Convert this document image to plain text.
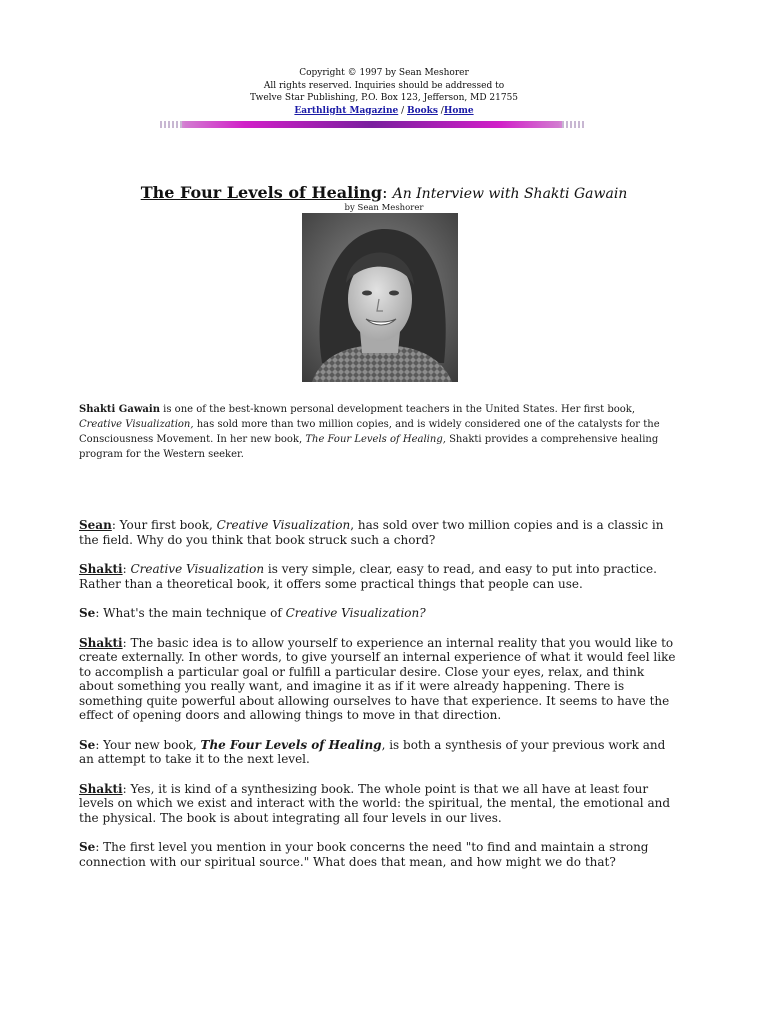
Copyright © 1997 by Sean Meshorer
All rights reserved. Inquiries should be addressed to
Twelve Star Publishing, P.O. Box 123, Jefferson, MD 21755
Earthlight Magazine / Books /Home
The Four Levels of Healing: An Interview with Shakti Gawain
by Sean Meshorer
Shakti Gawain is one of the best-known personal development teachers in the United States. Her first book, Creative Visualization, has sold more than two million copies, and is widely considered one of the catalysts for the Consciousness Movement. In her new book, The Four Levels of Healing, Shakti provides a comprehensive healing program for the Western seeker.

Sean: Your first book, Creative Visualization, has sold over two million copies and is a classic in the field. Why do you think that book struck such a chord?

Shakti: Creative Visualization is very simple, clear, easy to read, and easy to put into practice. Rather than a theoretical book, it offers some practical things that people can use.

Se: What's the main technique of Creative Visualization?

Shakti: The basic idea is to allow yourself to experience an internal reality that you would like to create externally. In other words, to give yourself an internal experience of what it would feel like to accomplish a particular goal or fulfill a particular desire. Close your eyes, relax, and think about something you really want, and imagine it as if it were already happening. There is something quite powerful about allowing ourselves to have that experience. It seems to have the effect of opening doors and allowing things to move in that direction.

Se: Your new book, The Four Levels of Healing, is both a synthesis of your previous work and an attempt to take it to the next level.

Shakti: Yes, it is kind of a synthesizing book. The whole point is that we all have at least four levels on which we exist and interact with the world: the spiritual, the mental, the emotional and the physical. The book is about integrating all four levels in our lives.

Se: The first level you mention in your book concerns the need "to find and maintain a strong connection with our spiritual source." What does that mean, and how might we do that?
